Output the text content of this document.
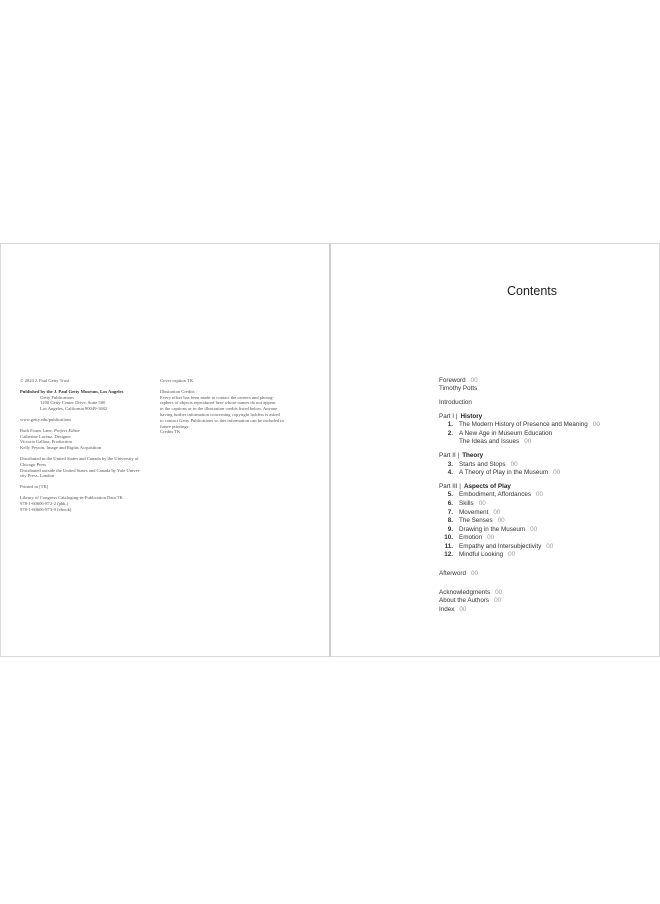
© 2024 J. Paul Getty Trust

Published by the J. Paul Getty Museum, Los Angeles

Getty Publications

1200 Getty Center Drive, Suite 500

Los Angeles, California 90049-1682

www.getty.edu/publications

Ruth Evans Lane, Project Editor

Catherine Lorenz, Designer

Victoria Gallina, Production

Kelly Peyton, Image and Rights Acquisition

Distributed in the United States and Canada by the University of

Chicago Press

Distributed outside the United States and Canada by Yale Univer-

sity Press, London

Printed in [TK]

Library of Congress Cataloging-in-Publication Data TK

978-1-60606-872-2 (pbk.)

978-1-60606-873-9 (ebook)

Cover caption TK

Illustration Credits

Every effort has been made to contact the owners and photog-

raphers of objects reproduced here whose names do not appear

in the captions or in the illustration credits listed below. Anyone

having further information concerning copyright holders is asked

to contact Getty Publications so this information can be included in

future printings.

Credits TK

Contents
Foreword 00
Timothy Potts
Introduction
Part I | History
1. The Modern History of Presence and Meaning 00
2. A New Age in Museum Education
The Ideas and Issues 00
Part II | Theory
3. Starts and Stops 00
4. A Theory of Play in the Museum 00
Part III | Aspects of Play
5. Embodiment, Affordances 00
6. Skills 00
7. Movement 00
8. The Senses 00
9. Drawing in the Museum 00
10. Emotion 00
11. Empathy and Intersubjectivity 00
12. Mindful Looking 00
Afterword 00
Acknowledgments 00
About the Authors 00
Index 00
